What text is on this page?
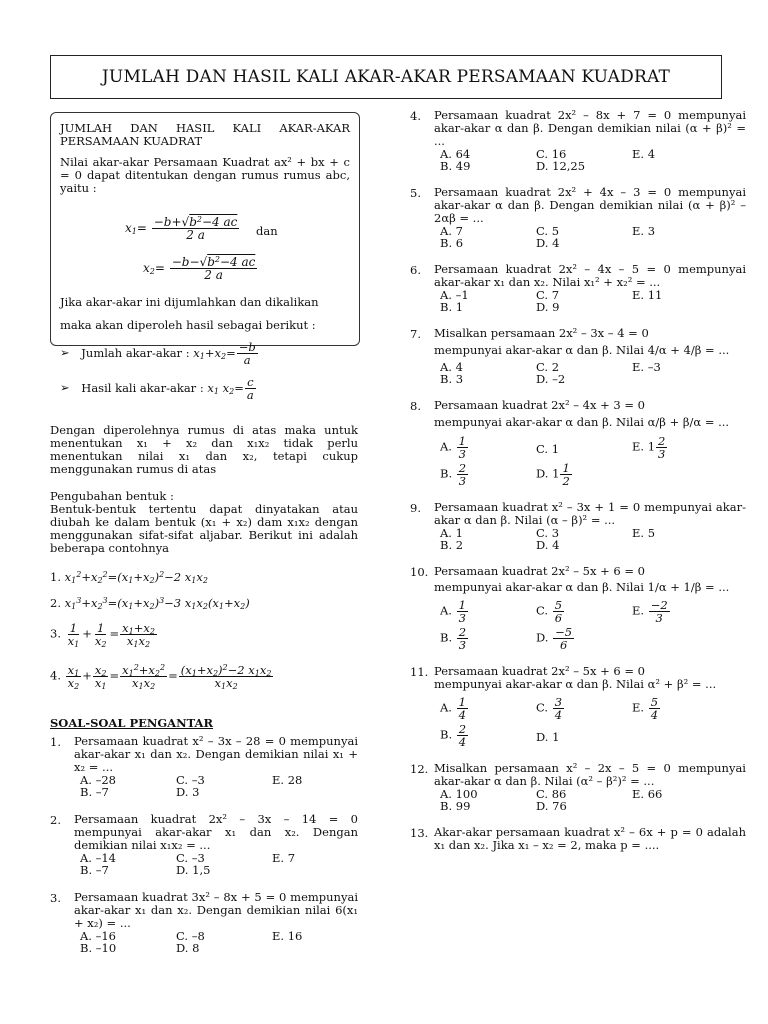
JUMLAH DAN HASIL KALI AKAR-AKAR PERSAMAAN KUADRAT

JUMLAH DAN HASIL KALI AKAR-AKAR PERSAMAAN KUADRAT

Nilai akar-akar Persamaan Kuadrat ax² + bx + c = 0 dapat ditentukan dengan rumus rumus abc, yaitu :

$x_1= \frac{-b+√b^2-4 ac}{2 a}$ dan
$x_2= \frac{-b-√b^2-4 ac}{2 a}$

Jika akar-akar ini dijumlahkan dan dikalikan

maka akan diperoleh hasil sebagai berikut :

➢ Jumlah akar-akar : $x_1+x_2= \frac{-b}{a}$
➢ Hasil kali akar-akar : $x_1$ $x_2= \frac{c}{a}$

Dengan diperolehnya rumus di atas maka untuk menentukan x₁ + x₂ dan x₁x₂ tidak perlu menentukan nilai x₁ dan x₂, tetapi cukup menggunakan rumus di atas

Pengubahan bentuk :

Bentuk-bentuk tertentu dapat dinyatakan atau diubah ke dalam bentuk (x₁ + x₂) dam x₁x₂ dengan menggunakan sifat-sifat aljabar. Berikut ini adalah beberapa contohnya

1. $x_1^2+x_2^2=(x_1+x_2)^2-2$ $x_1x_2$
2. $x_1^3+x_2^3=(x_1+x_2)^3-3$ $x_1x_2(x_1+x_2)$
3. $\frac{1}{x_1} + \frac{1}{x_2} = \frac{x_1+x_2}{x_1x_2}$
4. $\frac{x_1}{x_2} + \frac{x_2}{x_1} = \frac{x_1^2+x_2^2}{x_1x_2} = \frac{(x_1+x_2)^2-2 x_1x_2}{x_1x_2}$
SOAL-SOAL PENGANTAR
1.	Persamaan kuadrat x² – 3x – 28 = 0 mempunyai akar-akar x₁ dan x₂. Dengan demikian nilai x₁ + x₂ = ...
A. –28	C. –3	E. 28
B. –7	D. 3
2.	Persamaan kuadrat 2x² – 3x – 14 = 0 mempunyai akar-akar x₁ dan x₂. Dengan demikian nilai x₁x₂ = ...
A. –14	C. –3	E. 7
B. –7	D. 1,5
3.	Persamaan kuadrat 3x² – 8x + 5 = 0 mempunyai akar-akar x₁ dan x₂. Dengan demikian nilai 6(x₁ + x₂) = ...
A. –16	C. –8	E. 16
B. –10	D. 8
4.	Persamaan kuadrat 2x² – 8x + 7 = 0 mempunyai akar-akar α dan β. Dengan demikian nilai (α + β)² = ...
A. 64	C. 16	E. 4
B. 49	D. 12,25
5.	Persamaan kuadrat 2x² + 4x – 3 = 0 mempunyai akar-akar α dan β. Dengan demikian nilai (α + β)² – 2αβ = ...
A. 7	C. 5	E. 3
B. 6	D. 4
6.	Persamaan kuadrat 2x² – 4x – 5 = 0 mempunyai akar-akar x₁ dan x₂. Nilai x₁² + x₂² = ...
A. –1	C. 7	E. 11
B. 1	D. 9
7.	Misalkan persamaan 2x² – 3x – 4 = 0
mempunyai akar-akar α dan β. Nilai 4/α + 4/β = ...
A. 4	C. 2	E. –3
B. 3	D. –2
8.	Persamaan kuadrat 2x² – 4x + 3 = 0
mempunyai akar-akar α dan β. Nilai α/β + β/α = ...
A. $\frac{1}{3}$	C. 1	E. $1 \frac{2}{3}$
B. $\frac{2}{3}$	D. $1 \frac{1}{2}$
9.	Persamaan kuadrat x² – 3x + 1 = 0 mempunyai akar-akar α dan β. Nilai (α – β)² = ...
A. 1	C. 3	E. 5
B. 2	D. 4
10. Persamaan kuadrat 2x² – 5x + 6 = 0
mempunyai akar-akar α dan β. Nilai 1/α + 1/β = ...
A. $\frac{1}{3}$	C. $\frac{5}{6}$	E. $\frac{-2}{3}$
B. $\frac{2}{3}$	D. $\frac{-5}{6}$
11. Persamaan kuadrat 2x² – 5x + 6 = 0
mempunyai akar-akar α dan β. Nilai α² + β² = ...
A. $\frac{1}{4}$	C. $\frac{3}{4}$	E. $\frac{5}{4}$
B. $\frac{2}{4}$	D. 1
12. Misalkan persamaan x² – 2x – 5 = 0 mempunyai akar-akar α dan β. Nilai (α² – β²)² = ...
A. 100	C. 86	E. 66
B. 99	D. 76
13. Akar-akar persamaan kuadrat x² – 6x + p = 0 adalah x₁ dan x₂. Jika x₁ – x₂ = 2, maka p = ....
